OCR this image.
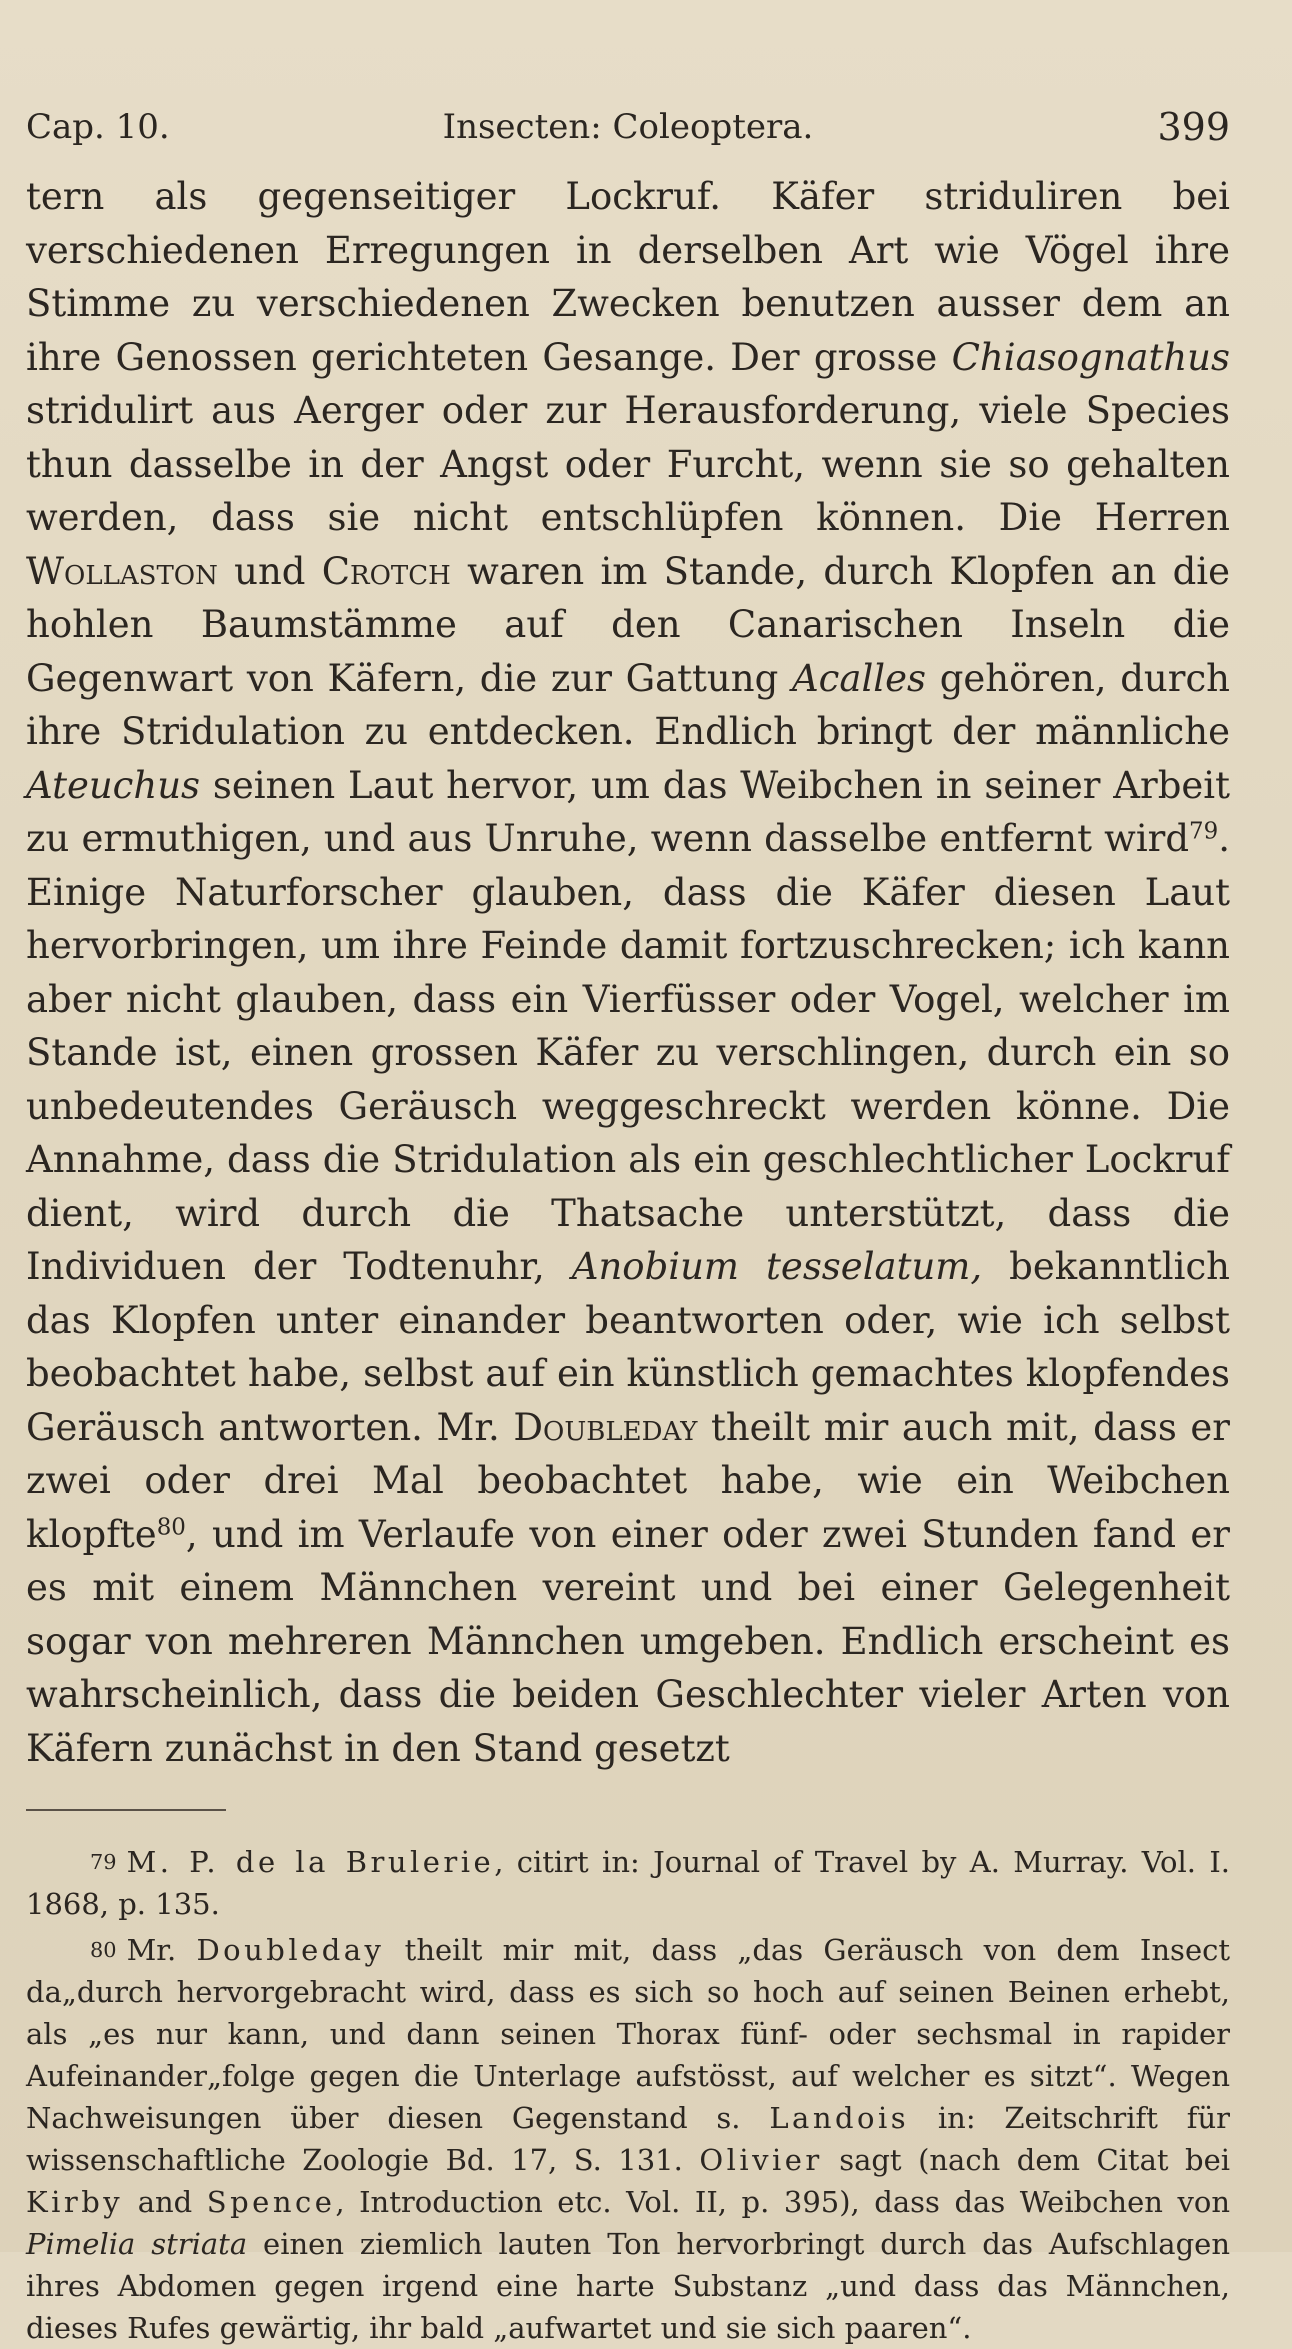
Cap. 10.	Insecten: Coleoptera.	399

tern als gegenseitiger Lockruf. Käfer striduliren bei verschiedenen Erregungen in derselben Art wie Vögel ihre Stimme zu verschiedenen Zwecken benutzen ausser dem an ihre Genossen gerichteten Gesange. Der grosse Chiasognathus stridulirt aus Aerger oder zur Herausforderung, viele Species thun dasselbe in der Angst oder Furcht, wenn sie so gehalten werden, dass sie nicht entschlüpfen können. Die Herren Wollaston und Crotch waren im Stande, durch Klopfen an die hohlen Baumstämme auf den Canarischen Inseln die Gegenwart von Käfern, die zur Gattung Acalles gehören, durch ihre Stridulation zu entdecken. Endlich bringt der männliche Ateuchus seinen Laut hervor, um das Weibchen in seiner Arbeit zu ermuthigen, und aus Unruhe, wenn dasselbe entfernt wird$^{79}$. Einige Naturforscher glauben, dass die Käfer diesen Laut hervorbringen, um ihre Feinde damit fortzuschrecken; ich kann aber nicht glauben, dass ein Vierfüsser oder Vogel, welcher im Stande ist, einen grossen Käfer zu verschlingen, durch ein so unbedeutendes Geräusch weggeschreckt werden könne. Die Annahme, dass die Stridulation als ein geschlechtlicher Lockruf dient, wird durch die Thatsache unterstützt, dass die Individuen der Todtenuhr, Anobium tesselatum, bekanntlich das Klopfen unter einander beantworten oder, wie ich selbst beobachtet habe, selbst auf ein künstlich gemachtes klopfendes Geräusch antworten. Mr. Doubleday theilt mir auch mit, dass er zwei oder drei Mal beobachtet habe, wie ein Weibchen klopfte$^{80}$, und im Verlaufe von einer oder zwei Stunden fand er es mit einem Männchen vereint und bei einer Gelegenheit sogar von mehreren Männchen umgeben. Endlich erscheint es wahrscheinlich, dass die beiden Geschlechter vieler Arten von Käfern zunächst in den Stand gesetzt

79 M. P. de la Brulerie, citirt in: Journal of Travel by A. Murray. Vol. I. 1868, p. 135.

80 Mr. Doubleday theilt mir mit, dass „das Geräusch von dem Insect da„durch hervorgebracht wird, dass es sich so hoch auf seinen Beinen erhebt, als „es nur kann, und dann seinen Thorax fünf- oder sechsmal in rapider Aufeinander„folge gegen die Unterlage aufstösst, auf welcher es sitzt“. Wegen Nachweisungen über diesen Gegenstand s. Landois in: Zeitschrift für wissenschaftliche Zoologie Bd. 17, S. 131. Olivier sagt (nach dem Citat bei Kirby and Spence, Introduction etc. Vol. II, p. 395), dass das Weibchen von Pimelia striata einen ziemlich lauten Ton hervorbringt durch das Aufschlagen ihres Abdomen gegen irgend eine harte Substanz „und dass das Männchen, dieses Rufes gewärtig, ihr bald „aufwartet und sie sich paaren“.
